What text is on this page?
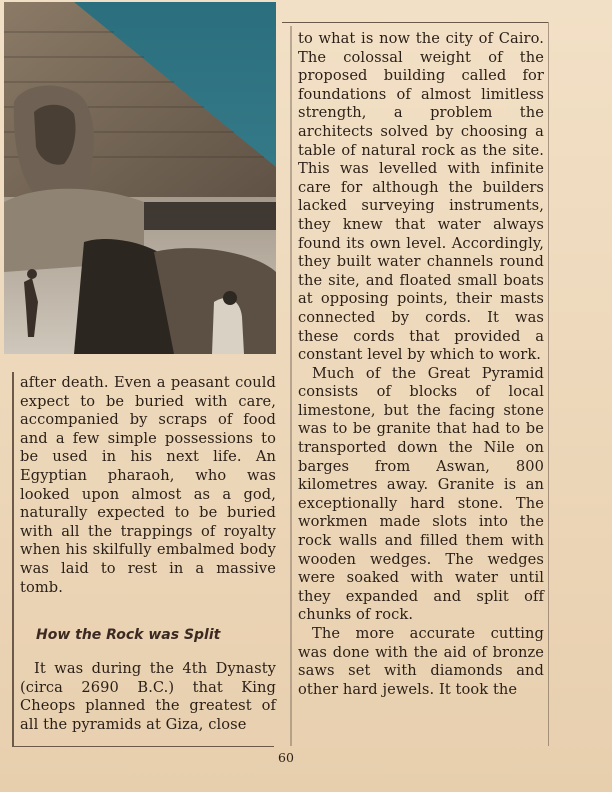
after death. Even a peasant could expect to be buried with care, accompanied by scraps of food and a few simple possessions to be used in his next life. An Egyptian pharaoh, who was looked upon almost as a god, naturally expected to be buried with all the trappings of royalty when his skilfully embalmed body was laid to rest in a massive tomb.

How the Rock was Split

It was during the 4th Dynasty (circa 2690 B.C.) that King Cheops planned the greatest of all the pyramids at Giza, close

to what is now the city of Cairo. The colossal weight of the proposed building called for foundations of almost limitless strength, a problem the architects solved by choosing a table of natural rock as the site. This was levelled with infinite care for although the builders lacked surveying instruments, they knew that water always found its own level. Accordingly, they built water channels round the site, and floated small boats at opposing points, their masts connected by cords. It was these cords that provided a constant level by which to work.

Much of the Great Pyramid consists of blocks of local limestone, but the facing stone was to be granite that had to be transported down the Nile on barges from Aswan, 800 kilometres away. Granite is an exceptionally hard stone. The workmen made slots into the rock walls and filled them with wooden wedges. The wedges were soaked with water until they expanded and split off chunks of rock.

The more accurate cutting was done with the aid of bronze saws set with diamonds and other hard jewels. It took the

60
